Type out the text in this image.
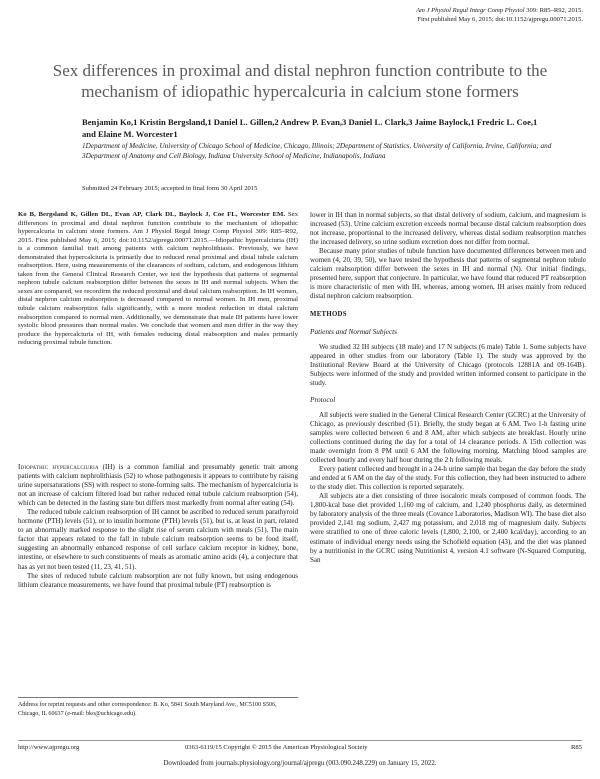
Am J Physiol Regul Integr Comp Physiol 309: R85–R92, 2015.
First published May 6, 2015; doi:10.1152/ajpregu.00071.2015.
Sex differences in proximal and distal nephron function contribute to the mechanism of idiopathic hypercalcuria in calcium stone formers
Benjamin Ko,1 Kristin Bergsland,1 Daniel L. Gillen,2 Andrew P. Evan,3 Daniel L. Clark,3 Jaime Baylock,1 Fredric L. Coe,1 and Elaine M. Worcester1
1Department of Medicine, University of Chicago School of Medicine, Chicago, Illinois; 2Department of Statistics, University of California, Irvine, California; and 3Department of Anatomy and Cell Biology, Indiana University School of Medicine, Indianapolis, Indiana
Submitted 24 February 2015; accepted in final form 30 April 2015

Ko B, Bergsland K, Gillen DL, Evan AP, Clark DL, Baylock J, Coe FL, Worcester EM. Sex differences in proximal and distal nephron function contribute to the mechanism of idiopathic hypercalcuria in calcium stone formers. Am J Physiol Regul Integr Comp Physiol 309: R85–R92, 2015. First published May 6, 2015; doi:10.1152/ajpregu.00071.2015.—Idiopathic hypercalciuria (IH) is a common familial trait among patients with calcium nephrolithiasis. Previously, we have demonstrated that hypercalciuria is primarily due to reduced renal proximal and distal tubule calcium reabsorption. Here, using measurements of the clearances of sodium, calcium, and endogenous lithium taken from the General Clinical Research Center, we test the hypothesis that patterns of segmental nephron tubule calcium reabsorption differ between the sexes in IH and normal subjects. When the sexes are compared, we reconfirm the reduced proximal and distal calcium reabsorption. In IH women, distal nephron calcium reabsorption is decreased compared to normal women. In IH men, proximal tubule calcium reabsorption falls significantly, with a more modest reduction in distal calcium reabsorption compared to normal men. Additionally, we demonstrate that male IH patients have lower systolic blood pressures than normal males. We conclude that women and men differ in the way they produce the hypercalciuria of IH, with females reducing distal reabsorption and males primarily reducing proximal tubule function.

Idiopathic hypercalciuria (IH) is a common familial and presumably genetic trait among patients with calcium nephrolithiasis (52) to whose pathogenesis it appears to contribute by raising urine supersaturations (SS) with respect to stone-forming salts. The mechanism of hypercalciuria is not an increase of calcium filtered load but rather reduced renal tubule calcium reabsorption (54), which can be detected in the fasting state but differs most markedly from normal after eating (54).

The reduced tubule calcium reabsorption of IH cannot be ascribed to reduced serum parathyroid hormone (PTH) levels (51), or to insulin hormone (PTH) levels (51), but is, at least in part, related to an abnormally marked response to the slight rise of serum calcium with meals (51). The main factor that appears related to the fall in tubule calcium reabsorption seems to be food itself, suggesting an abnormally enhanced response of cell surface calcium receptor in kidney, bone, intestine, or elsewhere to such constituents of meals as aromatic amino acids (4), a conjecture that has as yet not been tested (11, 23, 41, 51).

The sites of reduced tubule calcium reabsorption are not fully known, but using endogenous lithium clearance measurements, we have found that proximal tubule (PT) reabsorption is

lower in IH than in normal subjects, so that distal delivery of sodium, calcium, and magnesium is increased (53). Urine calcium excretion exceeds normal because distal calcium reabsorption does not increase, proportional to the increased delivery, whereas distal sodium reabsorption matches the increased delivery, so urine sodium excretion does not differ from normal.

Because many prior studies of tubule function have documented differences between men and women (4, 20, 39, 50), we have tested the hypothesis that patterns of segmental nephron tubule calcium reabsorption differ between the sexes in IH and normal (N). Our initial findings, presented here, support that conjecture. In particular, we have found that reduced PT reabsorption is more characteristic of men with IH, whereas, among women, IH arises mainly from reduced distal nephron calcium reabsorption.

METHODS

Patients and Normal Subjects

We studied 32 IH subjects (18 male) and 17 N subjects (6 male) Table 1. Some subjects have appeared in other studies from our laboratory (Table 1). The study was approved by the Institutional Review Board at the University of Chicago (protocols 12881A and 09-164B). Subjects were informed of the study and provided written informed consent to participate in the study.

Protocol

All subjects were studied in the General Clinical Research Center (GCRC) at the University of Chicago, as previously described (51). Briefly, the study began at 6 AM. Two 1-h fasting urine samples were collected between 6 and 8 AM, after which subjects ate breakfast. Hourly urine collections continued during the day for a total of 14 clearance periods. A 15th collection was made overnight from 8 PM until 6 AM the following morning. Matching blood samples are collected hourly and every half hour during the 2 h following meals.

Every patient collected and brought in a 24-h urine sample that began the day before the study and ended at 6 AM on the day of the study. For this collection, they had been instructed to adhere to the study diet. This collection is reported separately.

All subjects ate a diet consisting of three isocaloric meals composed of common foods. The 1,800-kcal base diet provided 1,160 mg of calcium, and 1,240 phosphorus daily, as determined by laboratory analysis of the three meals (Covance Laboratories, Madison WI). The base diet also provided 2,141 mg sodium, 2,427 mg potassium, and 2,018 mg of magnesium daily. Subjects were stratified to one of three caloric levels (1,800, 2,100, or 2,400 kcal/day), according to an estimate of individual energy needs using the Schofield equation (43), and the diet was planned by a nutritionist in the GCRC using Nutritionist 4, version 4.1 software (N-Squared Computing, San

Address for reprint requests and other correspondence: B. Ko, 5841 South Maryland Ave., MC5100 S506, Chicago, IL 60637 (e-mail: bko@uchicago.edu).
http://www.ajpregu.org	0363-6119/15 Copyright © 2015 the American Physiological Society	R85
Downloaded from journals.physiology.org/journal/ajpregu (003.090.248.229) on January 15, 2022.
